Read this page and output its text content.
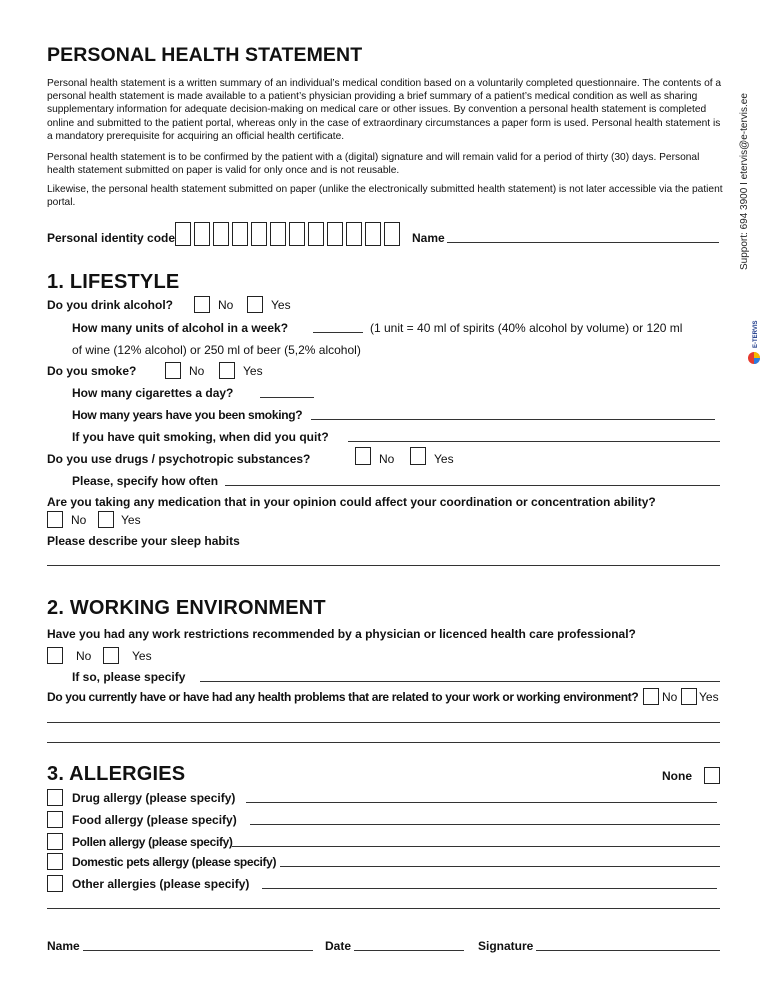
PERSONAL HEALTH STATEMENT
Personal health statement is a written summary of an individual’s medical condition based on a voluntarily completed questionnaire. The contents of a personal health statement is made available to a patient’s physician providing a brief summary of a patient’s medical condition as well as sharing supplementary information for adequate decision-making on medical care or other issues. By convention a personal health statement is completed online and submitted to the patient portal, whereas only in the case of extraordinary circumstances a paper form is used. Personal health statement is a mandatory prerequisite for acquiring an official health certificate.
Personal health statement is to be confirmed by the patient with a (digital) signature and will remain valid for a period of thirty (30) days. Personal health statement submitted on paper is valid for only once and is not reusable.
Likewise, the personal health statement submitted on paper (unlike the electronically submitted health statement) is not later accessible via the patient portal.	Support: 694 3900 I etervis@e-tervis.ee
E-TERVIS
Personal identity code	Name
1. LIFESTYLE
Do you drink alcohol?	No	Yes
How many units of alcohol in a week?	(1 unit = 40 ml of spirits (40% alcohol by volume) or 120 ml
of wine (12% alcohol) or 250 ml of beer (5,2% alcohol)
Do you smoke?	No	Yes
How many cigarettes a day?
How many years have you been smoking?
If you have quit smoking, when did you quit?
Do you use drugs / psychotropic substances?	No	Yes
Please, specify how often
Are you taking any medication that in your opinion could affect your coordination or concentration ability?
No	Yes
Please describe your sleep habits
2. WORKING ENVIRONMENT
Have you had any work restrictions recommended by a physician or licenced health care professional?
No	Yes
If so, please specify
Do you currently have or have had any health problems that are related to your work or working environment? No Yes
3. ALLERGIES	None
Drug allergy (please specify)
Food allergy (please specify)
Pollen allergy (please specify)
Domestic pets allergy (please specify)
Other allergies (please specify)
Name	Date	Signature
